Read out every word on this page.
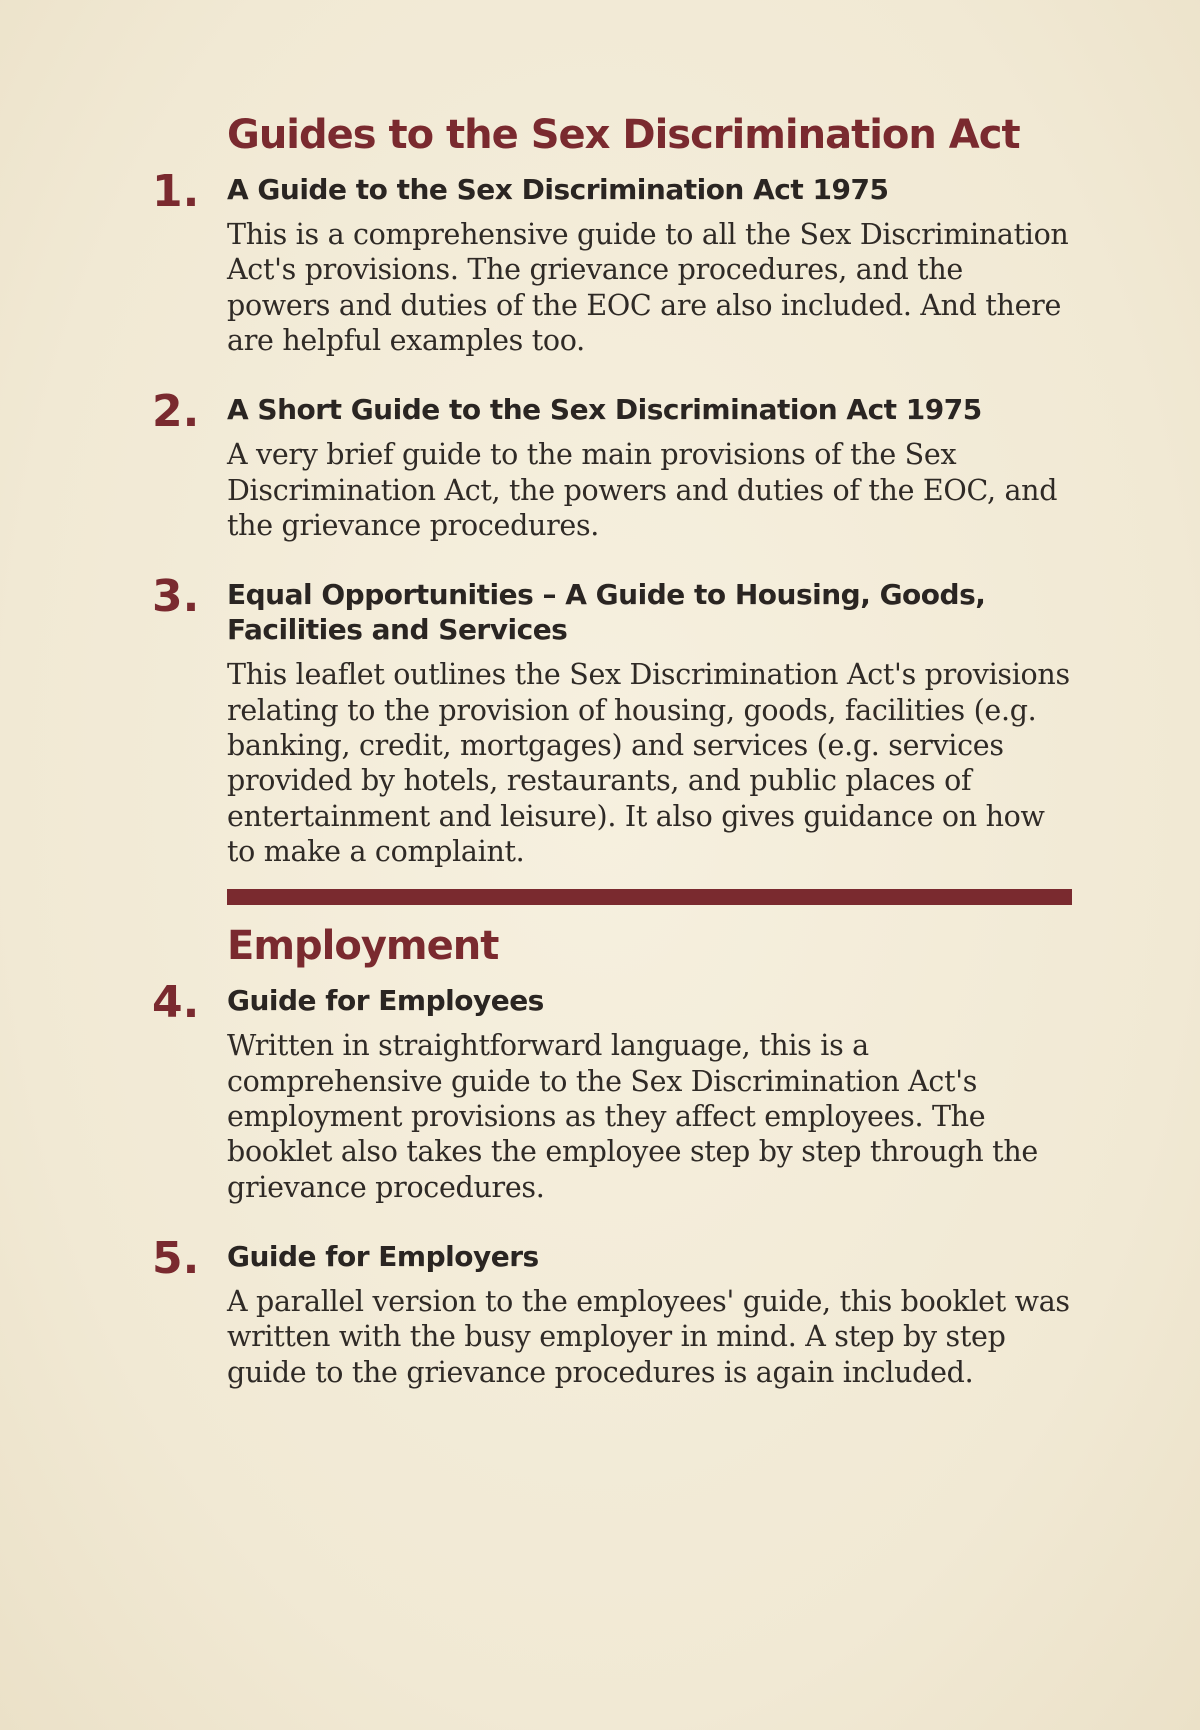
Guides to the Sex Discrimination Act
1. A Guide to the Sex Discrimination Act 1975
This is a comprehensive guide to all the Sex Discrimination Act's provisions. The grievance procedures, and the powers and duties of the EOC are also included. And there are helpful examples too.
2. A Short Guide to the Sex Discrimination Act 1975
A very brief guide to the main provisions of the Sex Discrimination Act, the powers and duties of the EOC, and the grievance procedures.
3. Equal Opportunities – A Guide to Housing, Goods, Facilities and Services
This leaflet outlines the Sex Discrimination Act's provisions relating to the provision of housing, goods, facilities (e.g. banking, credit, mortgages) and services (e.g. services provided by hotels, restaurants, and public places of entertainment and leisure). It also gives guidance on how to make a complaint.
Employment
4. Guide for Employees
Written in straightforward language, this is a comprehensive guide to the Sex Discrimination Act's employment provisions as they affect employees. The booklet also takes the employee step by step through the grievance procedures.
5. Guide for Employers
A parallel version to the employees' guide, this booklet was written with the busy employer in mind. A step by step guide to the grievance procedures is again included.
